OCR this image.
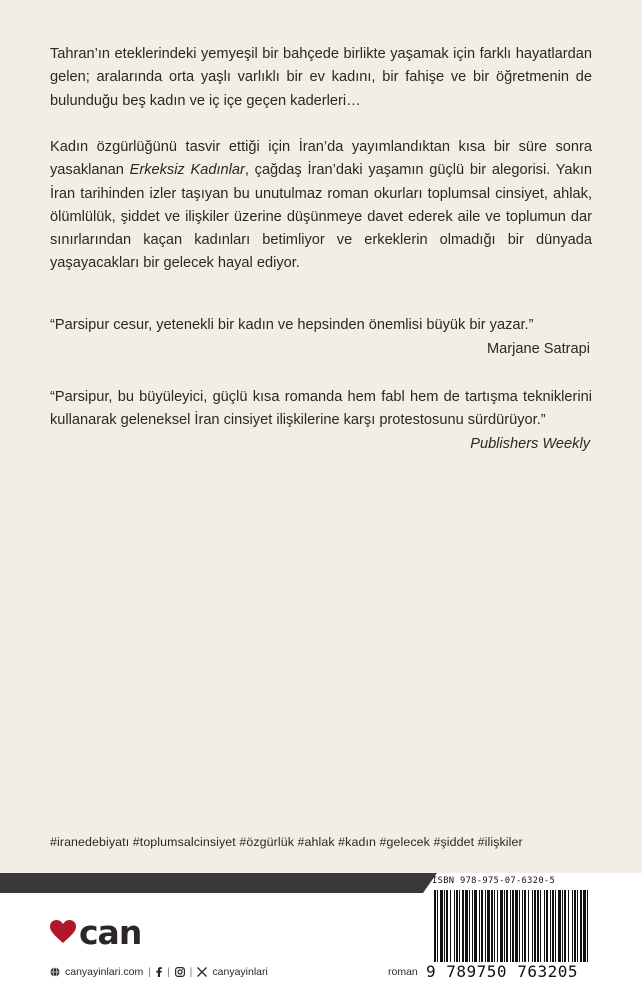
Tahran’ın eteklerindeki yemyeşil bir bahçede birlikte yaşamak için farklı hayatlardan gelen; aralarında orta yaşlı varlıklı bir ev kadını, bir fahişe ve bir öğretmenin de bulunduğu beş kadın ve iç içe geçen kaderleri…
Kadın özgürlüğünü tasvir ettiği için İran’da yayımlandıktan kısa bir süre sonra yasaklanan Erkeksiz Kadınlar, çağdaş İran’daki yaşamın güçlü bir alegorisi. Yakın İran tarihinden izler taşıyan bu unutulmaz roman okurları toplumsal cinsiyet, ahlak, ölümlülük, şiddet ve ilişkiler üzerine düşünmeye davet ederek aile ve toplumun dar sınırlarından kaçan kadınları betimliyor ve erkeklerin olmadığı bir dünyada yaşayacakları bir gelecek hayal ediyor.
“Parsipur cesur, yetenekli bir kadın ve hepsinden önemlisi büyük bir yazar.”
Marjane Satrapi
“Parsipur, bu büyüleyici, güçlü kısa romanda hem fabl hem de tartışma tekniklerini kullanarak geleneksel İran cinsiyet ilişkilerine karşı protestosunu sürdürüyor.”
Publishers Weekly
#iranedebiyatı #toplumsalcinsiyet #özgürlük #ahlak #kadın #gelecek #şiddet #ilişkiler
can
canyayinlari.com | | | canyayinlari	roman
ISBN 978-975-07-6320-5
9 789750 763205
